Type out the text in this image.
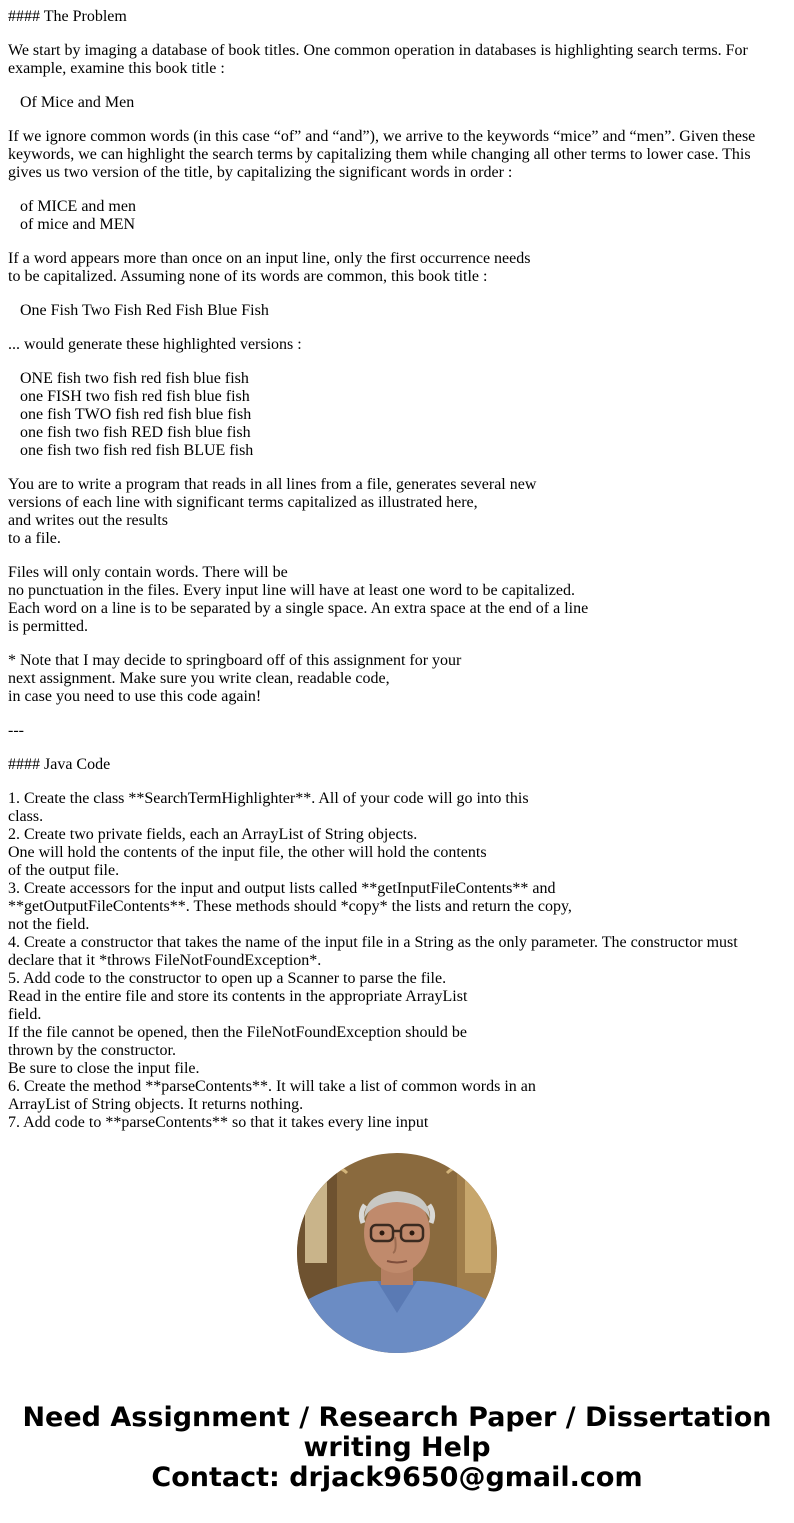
#### The Problem
We start by imaging a database of book titles. One common operation in databases is highlighting search terms. For
example, examine this book title :
Of Mice and Men
If we ignore common words (in this case “of” and “and”), we arrive to the keywords “mice” and “men”. Given these
keywords, we can highlight the search terms by capitalizing them while changing all other terms to lower case. This
gives us two version of the title, by capitalizing the significant words in order :
of MICE and men
of mice and MEN
If a word appears more than once on an input line, only the first occurrence needs
to be capitalized. Assuming none of its words are common, this book title :
One Fish Two Fish Red Fish Blue Fish
... would generate these highlighted versions :
ONE fish two fish red fish blue fish
one FISH two fish red fish blue fish
one fish TWO fish red fish blue fish
one fish two fish RED fish blue fish
one fish two fish red fish BLUE fish
You are to write a program that reads in all lines from a file, generates several new
versions of each line with significant terms capitalized as illustrated here,
and writes out the results
to a file.
Files will only contain words. There will be
no punctuation in the files. Every input line will have at least one word to be capitalized.
Each word on a line is to be separated by a single space. An extra space at the end of a line
is permitted.
* Note that I may decide to springboard off of this assignment for your
next assignment. Make sure you write clean, readable code,
in case you need to use this code again!
---
#### Java Code
1. Create the class **SearchTermHighlighter**. All of your code will go into this
class.
2. Create two private fields, each an ArrayList of String objects.
One will hold the contents of the input file, the other will hold the contents
of the output file.
3. Create accessors for the input and output lists called **getInputFileContents** and
**getOutputFileContents**. These methods should *copy* the lists and return the copy,
not the field.
4. Create a constructor that takes the name of the input file in a String as the only parameter. The constructor must
declare that it *throws FileNotFoundException*.
5. Add code to the constructor to open up a Scanner to parse the file.
Read in the entire file and store its contents in the appropriate ArrayList
field.
If the file cannot be opened, then the FileNotFoundException should be
thrown by the constructor.
Be sure to close the input file.
6. Create the method **parseContents**. It will take a list of common words in an
ArrayList of String objects. It returns nothing.
7. Add code to **parseContents** so that it takes every line input
Need Assignment / Research Paper / Dissertation
writing Help
Contact: drjack9650@gmail.com
